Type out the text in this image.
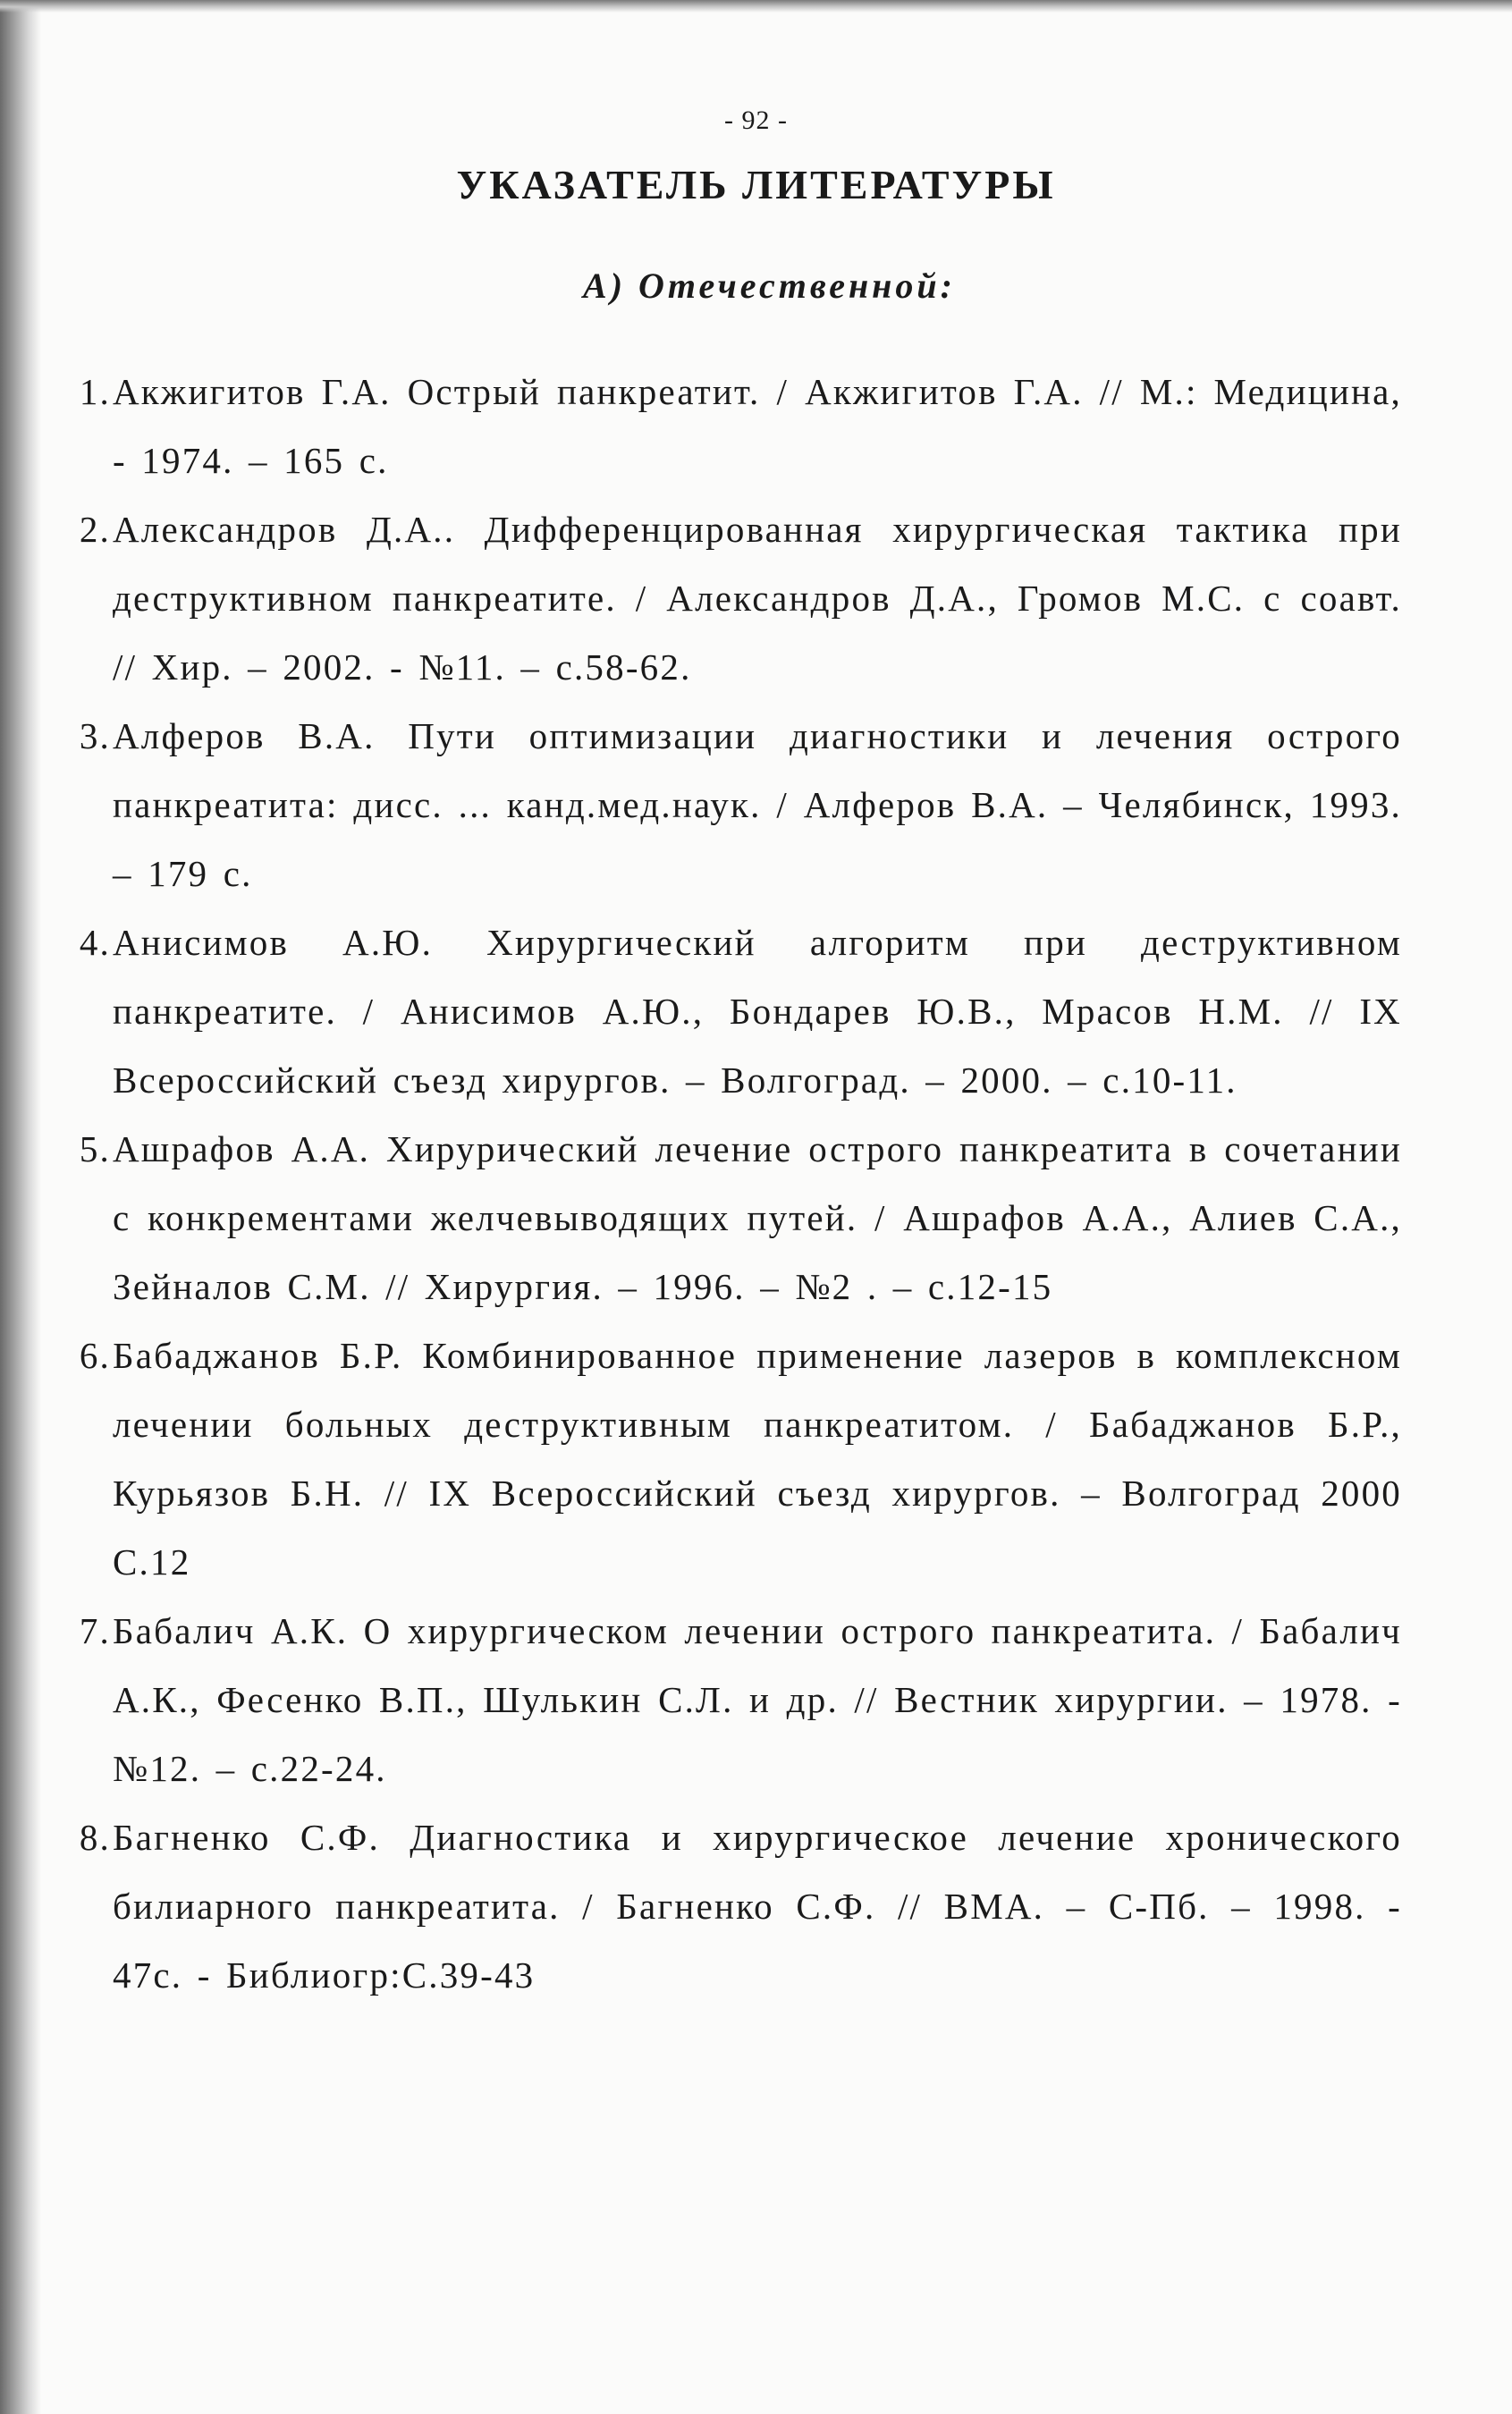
- 92 -
УКАЗАТЕЛЬ ЛИТЕРАТУРЫ
А) Отечественной:
1. Акжигитов Г.А. Острый панкреатит. / Акжигитов Г.А. // М.: Медицина, - 1974. – 165 с.
2. Александров Д.А.. Дифференцированная хирургическая тактика при деструктивном панкреатите. / Александров Д.А., Громов М.С. с соавт. // Хир. – 2002. - №11. – с.58-62.
3. Алферов В.А. Пути оптимизации диагностики и лечения острого панкреатита: дисс. ... канд.мед.наук. / Алферов В.А. – Челябинск, 1993. – 179 с.
4. Анисимов А.Ю. Хирургический алгоритм при деструктивном панкреатите. / Анисимов А.Ю., Бондарев Ю.В., Мрасов Н.М. // IX Всероссийский съезд хирургов. – Волгоград. – 2000. – с.10-11.
5. Ашрафов А.А. Хирурический лечение острого панкреатита в сочетании с конкрементами желчевыводящих путей. / Ашрафов А.А., Алиев С.А., Зейналов С.М. // Хирургия. – 1996. – №2 . – с.12-15
6. Бабаджанов Б.Р. Комбинированное применение лазеров в комплексном лечении больных деструктивным панкреатитом. / Бабаджанов Б.Р., Курьязов Б.Н. // IX Всероссийский съезд хирургов. – Волгоград 2000 С.12
7. Бабалич А.К. О хирургическом лечении острого панкреатита. / Бабалич А.К., Фесенко В.П., Шулькин С.Л. и др. // Вестник хирургии. – 1978. - №12. – с.22-24.
8. Багненко С.Ф. Диагностика и хирургическое лечение хронического билиарного панкреатита. / Багненко С.Ф. // ВМА. – С-Пб. – 1998. - 47с. - Библиогр:С.39-43
